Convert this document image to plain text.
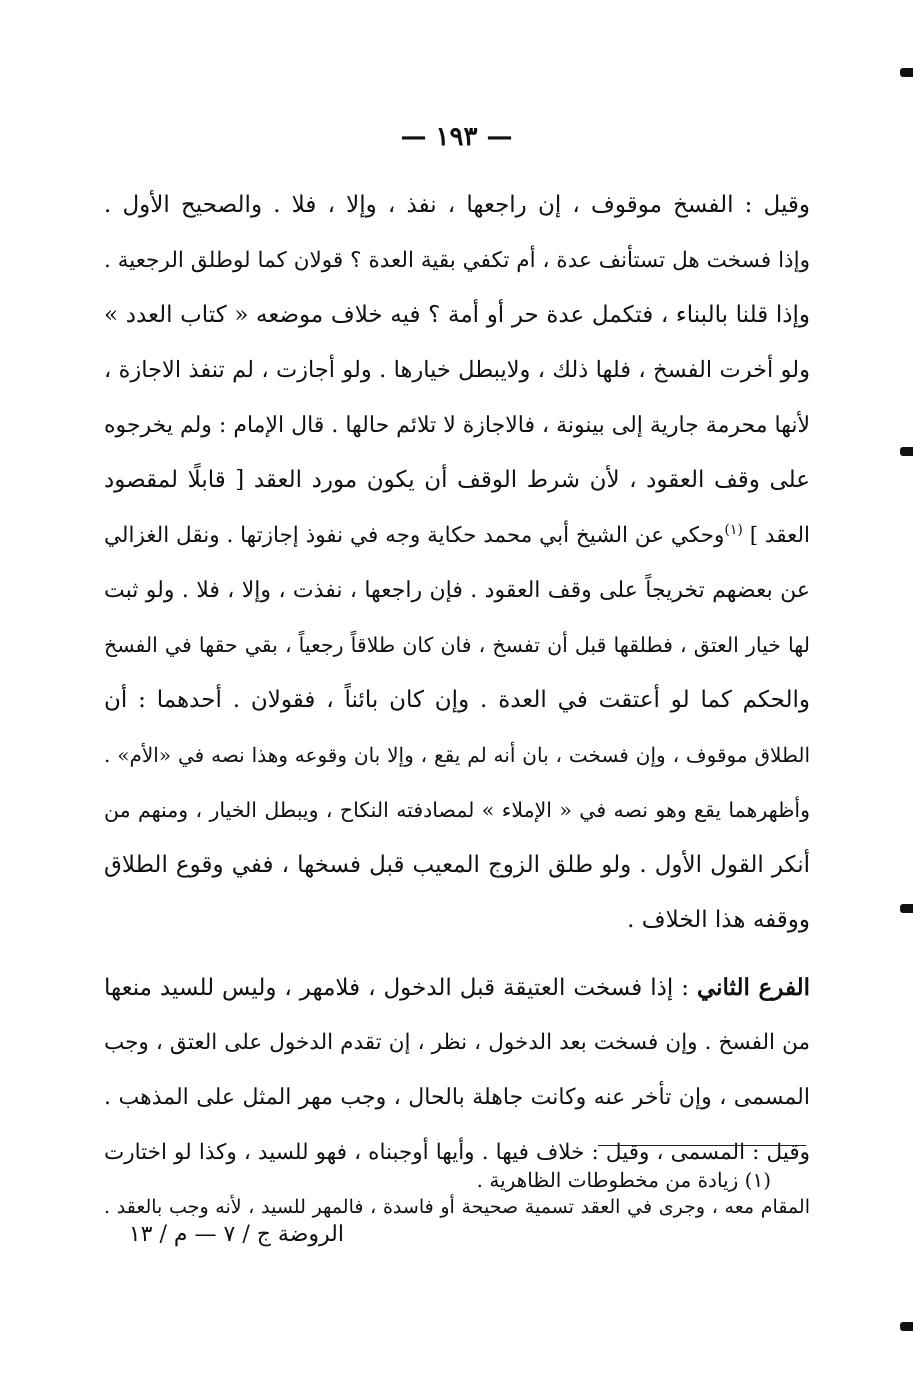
— ١٩٣ —
وقيل : الفسخ موقوف ، إن راجعها ، نفذ ، وإلا ، فلا . والصحيح الأول .
وإذا فسخت هل تستأنف عدة ، أم تكفي بقية العدة ؟ قولان كما لوطلق الرجعية .
وإذا قلنا بالبناء ، فتكمل عدة حر أو أمة ؟ فيه خلاف موضعه « كتاب العدد »
ولو أخرت الفسخ ، فلها ذلك ، ولايبطل خيارها . ولو أجازت ، لم تنفذ الاجازة ،
لأنها محرمة جارية إلى بينونة ، فالاجازة لا تلائم حالها . قال الإمام : ولم يخرجوه
على وقف العقود ، لأن شرط الوقف أن يكون مورد العقد [ قابلًا لمقصود
العقد ] $^{(١)}$وحكي عن الشيخ أبي محمد حكاية وجه في نفوذ إجازتها . ونقل الغزالي
عن بعضهم تخريجاً على وقف العقود . فإن راجعها ، نفذت ، وإلا ، فلا . ولو ثبت
لها خيار العتق ، فطلقها قبل أن تفسخ ، فان كان طلاقاً رجعياً ، بقي حقها في الفسخ
والحكم كما لو أعتقت في العدة . وإن كان بائناً ، فقولان . أحدهما : أن
الطلاق موقوف ، وإن فسخت ، بان أنه لم يقع ، وإلا بان وقوعه وهذا نصه في «الأم» .
وأظهرهما يقع وهو نصه في « الإملاء » لمصادفته النكاح ، ويبطل الخيار ، ومنهم من
أنكر القول الأول . ولو طلق الزوج المعيب قبل فسخها ، ففي وقوع الطلاق
ووقفه هذا الخلاف .
الفرع الثاني : إذا فسخت العتيقة قبل الدخول ، فلامهر ، وليس للسيد منعها
من الفسخ . وإن فسخت بعد الدخول ، نظر ، إن تقدم الدخول على العتق ، وجب
المسمى ، وإن تأخر عنه وكانت جاهلة بالحال ، وجب مهر المثل على المذهب .
وقيل : المسمى ، وقيل : خلاف فيها . وأيها أوجبناه ، فهو للسيد ، وكذا لو اختارت
المقام معه ، وجرى في العقد تسمية صحيحة أو فاسدة ، فالمهر للسيد ، لأنه وجب بالعقد .
(١) زيادة من مخطوطات الظاهرية .
الروضة ج / ٧ — م / ١٣
